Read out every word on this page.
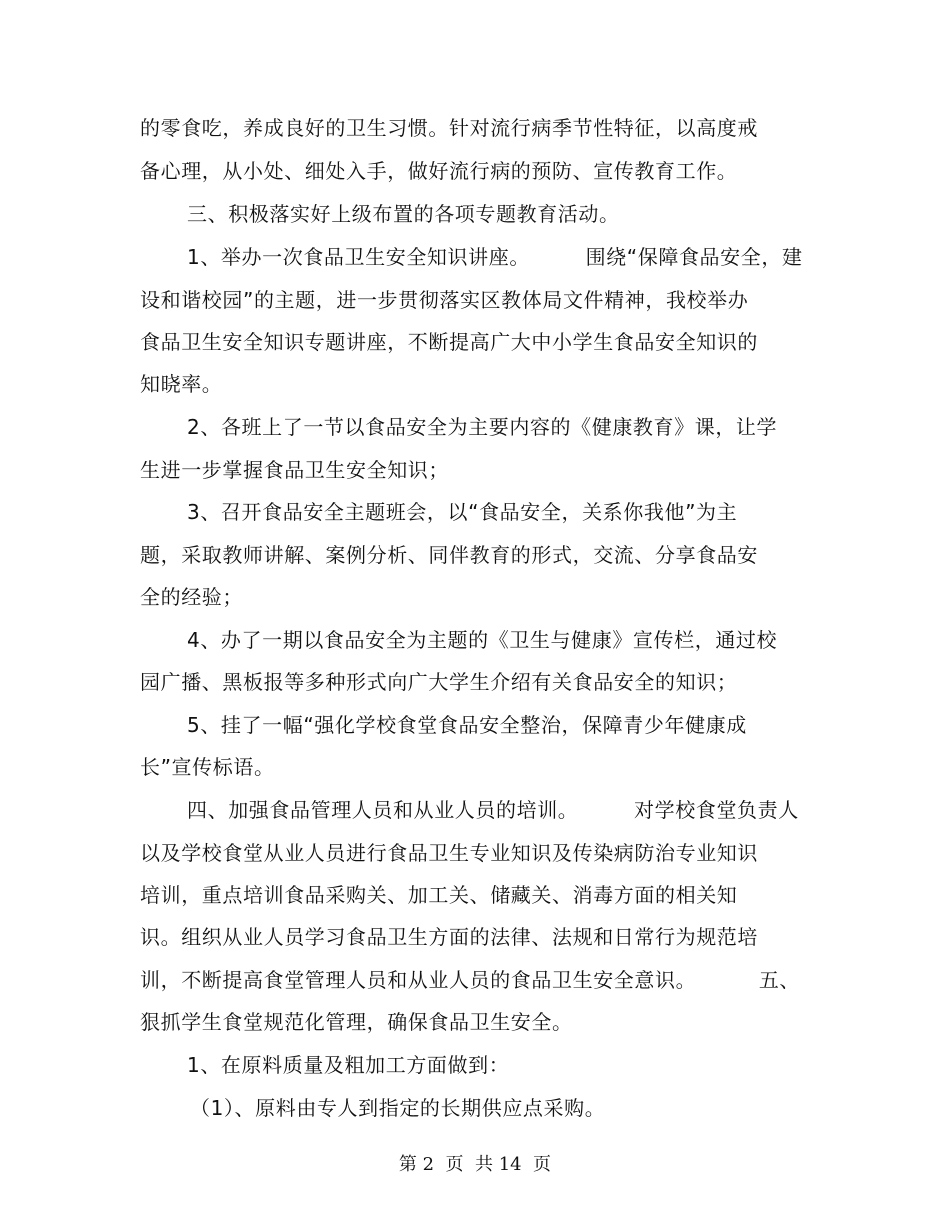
的零食吃，养成良好的卫生习惯。针对流行病季节性特征，以高度戒
备心理，从小处、细处入手，做好流行病的预防、宣传教育工作。
三、积极落实好上级布置的各项专题教育活动。
1、举办一次食品卫生安全知识讲座。        围绕“保障食品安全，建
设和谐校园”的主题，进一步贯彻落实区教体局文件精神，我校举办
食品卫生安全知识专题讲座，不断提高广大中小学生食品安全知识的
知晓率。
2、各班上了一节以食品安全为主要内容的《健康教育》课，让学
生进一步掌握食品卫生安全知识；
3、召开食品安全主题班会，以“食品安全，关系你我他”为主
题，采取教师讲解、案例分析、同伴教育的形式，交流、分享食品安
全的经验；
4、办了一期以食品安全为主题的《卫生与健康》宣传栏，通过校
园广播、黑板报等多种形式向广大学生介绍有关食品安全的知识；
5、挂了一幅“强化学校食堂食品安全整治，保障青少年健康成
长”宣传标语。
四、加强食品管理人员和从业人员的培训。        对学校食堂负责人
以及学校食堂从业人员进行食品卫生专业知识及传染病防治专业知识
培训，重点培训食品采购关、加工关、储藏关、消毒方面的相关知
识。组织从业人员学习食品卫生方面的法律、法规和日常行为规范培
训，不断提高食堂管理人员和从业人员的食品卫生安全意识。         五、
狠抓学生食堂规范化管理，确保食品卫生安全。
1、在原料质量及粗加工方面做到：
（1）、原料由专人到指定的长期供应点采购。
第 2  页  共 14  页
